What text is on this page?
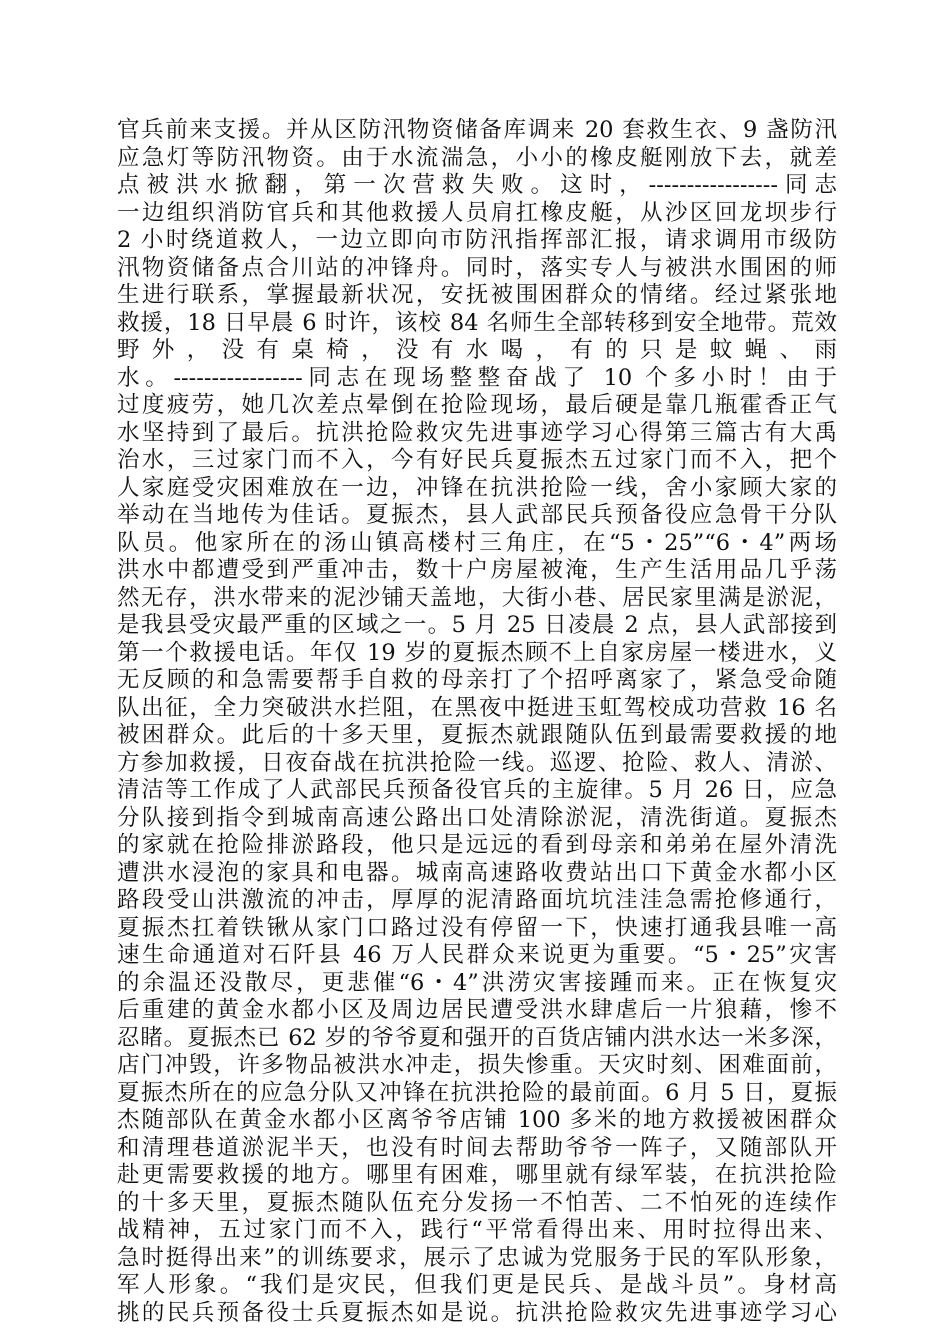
官兵前来支援。并从区防汛物资储备库调来 20 套救生衣、9 盏防汛
应急灯等防汛物资。由于水流湍急，小小的橡皮艇刚放下去，就差
点被洪水掀翻，第一次营救失败。这时，-----------------同志
一边组织消防官兵和其他救援人员肩扛橡皮艇，从沙区回龙坝步行
2 小时绕道救人，一边立即向市防汛指挥部汇报，请求调用市级防
汛物资储备点合川站的冲锋舟。同时，落实专人与被洪水围困的师
生进行联系，掌握最新状况，安抚被围困群众的情绪。经过紧张地
救援，18 日早晨 6 时许，该校 84 名师生全部转移到安全地带。荒效
野 外 ， 没 有 桌 椅 ， 没 有 水 喝 ， 有 的 只 是 蚊 蝇 、 雨
水。-----------------同志在现场整整奋战了 10 个多小时！由于
过度疲劳，她几次差点晕倒在抢险现场，最后硬是靠几瓶霍香正气
水坚持到了最后。抗洪抢险救灾先进事迹学习心得第三篇古有大禹
治水，三过家门而不入，今有好民兵夏振杰五过家门而不入，把个
人家庭受灾困难放在一边，冲锋在抗洪抢险一线，舍小家顾大家的
举动在当地传为佳话。夏振杰，县人武部民兵预备役应急骨干分队
队员。他家所在的汤山镇高楼村三角庄，在“5・25”“6・4”两场
洪水中都遭受到严重冲击，数十户房屋被淹，生产生活用品几乎荡
然无存，洪水带来的泥沙铺天盖地，大街小巷、居民家里满是淤泥，
是我县受灾最严重的区域之一。5 月 25 日凌晨 2 点，县人武部接到
第一个救援电话。年仅 19 岁的夏振杰顾不上自家房屋一楼进水，义
无反顾的和急需要帮手自救的母亲打了个招呼离家了，紧急受命随
队出征，全力突破洪水拦阻，在黑夜中挺进玉虹驾校成功营救 16 名
被困群众。此后的十多天里，夏振杰就跟随队伍到最需要救援的地
方参加救援，日夜奋战在抗洪抢险一线。巡逻、抢险、救人、清淤、
清洁等工作成了人武部民兵预备役官兵的主旋律。5 月 26 日，应急
分队接到指令到城南高速公路出口处清除淤泥，清洗街道。夏振杰
的家就在抢险排淤路段，他只是远远的看到母亲和弟弟在屋外清洗
遭洪水浸泡的家具和电器。城南高速路收费站出口下黄金水都小区
路段受山洪激流的冲击，厚厚的泥清路面坑坑洼洼急需抢修通行，
夏振杰扛着铁锹从家门口路过没有停留一下，快速打通我县唯一高
速生命通道对石阡县 46 万人民群众来说更为重要。“5・25”灾害
的余温还没散尽，更悲催“6・4”洪涝灾害接踵而来。正在恢复灾
后重建的黄金水都小区及周边居民遭受洪水肆虐后一片狼藉，惨不
忍睹。夏振杰已 62 岁的爷爷夏和强开的百货店铺内洪水达一米多深，
店门冲毁，许多物品被洪水冲走，损失惨重。天灾时刻、困难面前，
夏振杰所在的应急分队又冲锋在抗洪抢险的最前面。6 月 5 日，夏振
杰随部队在黄金水都小区离爷爷店铺 100 多米的地方救援被困群众
和清理巷道淤泥半天，也没有时间去帮助爷爷一阵子，又随部队开
赴更需要救援的地方。哪里有困难，哪里就有绿军装，在抗洪抢险
的十多天里，夏振杰随队伍充分发扬一不怕苦、二不怕死的连续作
战精神，五过家门而不入，践行“平常看得出来、用时拉得出来、
急时挺得出来”的训练要求，展示了忠诚为党服务于民的军队形象，
军人形象。“我们是灾民，但我们更是民兵、是战斗员”。身材高
挑的民兵预备役士兵夏振杰如是说。抗洪抢险救灾先进事迹学习心
